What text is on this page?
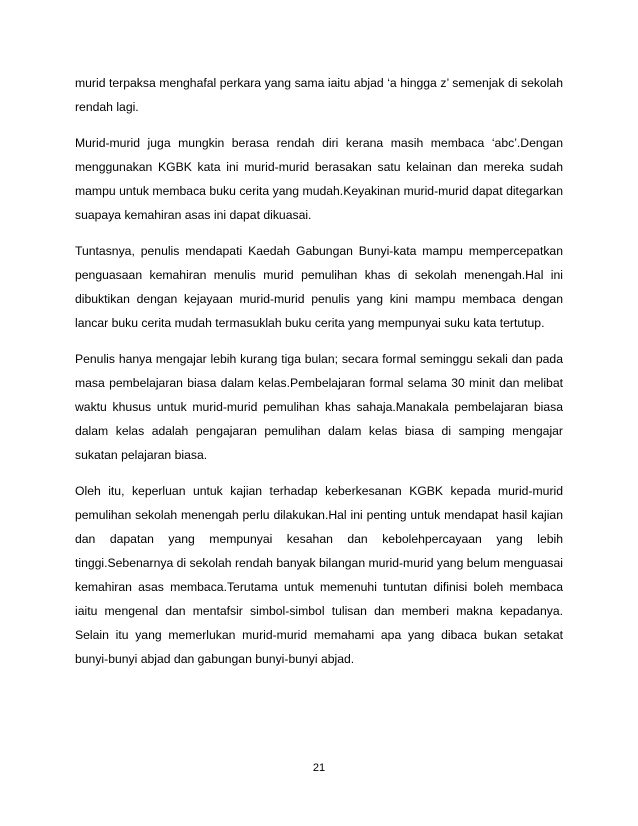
murid terpaksa menghafal perkara yang sama iaitu abjad ‘a hingga z’ semenjak di sekolah rendah lagi.

Murid-murid juga mungkin berasa rendah diri kerana masih membaca ‘abc’.Dengan menggunakan KGBK kata ini murid-murid berasakan satu kelainan dan mereka sudah mampu untuk membaca buku cerita yang mudah.Keyakinan murid-murid dapat ditegarkan suapaya kemahiran asas ini dapat dikuasai.

Tuntasnya, penulis mendapati Kaedah Gabungan Bunyi-kata mampu mempercepatkan penguasaan kemahiran menulis murid pemulihan khas di sekolah menengah.Hal ini dibuktikan dengan kejayaan murid-murid penulis yang kini mampu membaca dengan lancar buku cerita mudah termasuklah buku cerita yang mempunyai suku kata tertutup.

Penulis hanya mengajar lebih kurang tiga bulan; secara formal seminggu sekali dan pada masa pembelajaran biasa dalam kelas.Pembelajaran formal selama 30 minit dan melibat waktu khusus untuk murid-murid pemulihan khas sahaja.Manakala pembelajaran biasa dalam kelas adalah pengajaran pemulihan dalam kelas biasa di samping mengajar sukatan pelajaran biasa.

Oleh itu, keperluan untuk kajian terhadap keberkesanan KGBK kepada murid-murid pemulihan sekolah menengah perlu dilakukan.Hal ini penting untuk mendapat hasil kajian dan dapatan yang mempunyai kesahan dan kebolehpercayaan yang lebih tinggi.Sebenarnya di sekolah rendah banyak bilangan murid-murid yang belum menguasai kemahiran asas membaca.Terutama untuk memenuhi tuntutan difinisi boleh membaca iaitu mengenal dan mentafsir simbol-simbol tulisan dan memberi makna kepadanya. Selain itu yang memerlukan murid-murid memahami apa yang dibaca bukan setakat bunyi-bunyi abjad dan gabungan bunyi-bunyi abjad.

21
